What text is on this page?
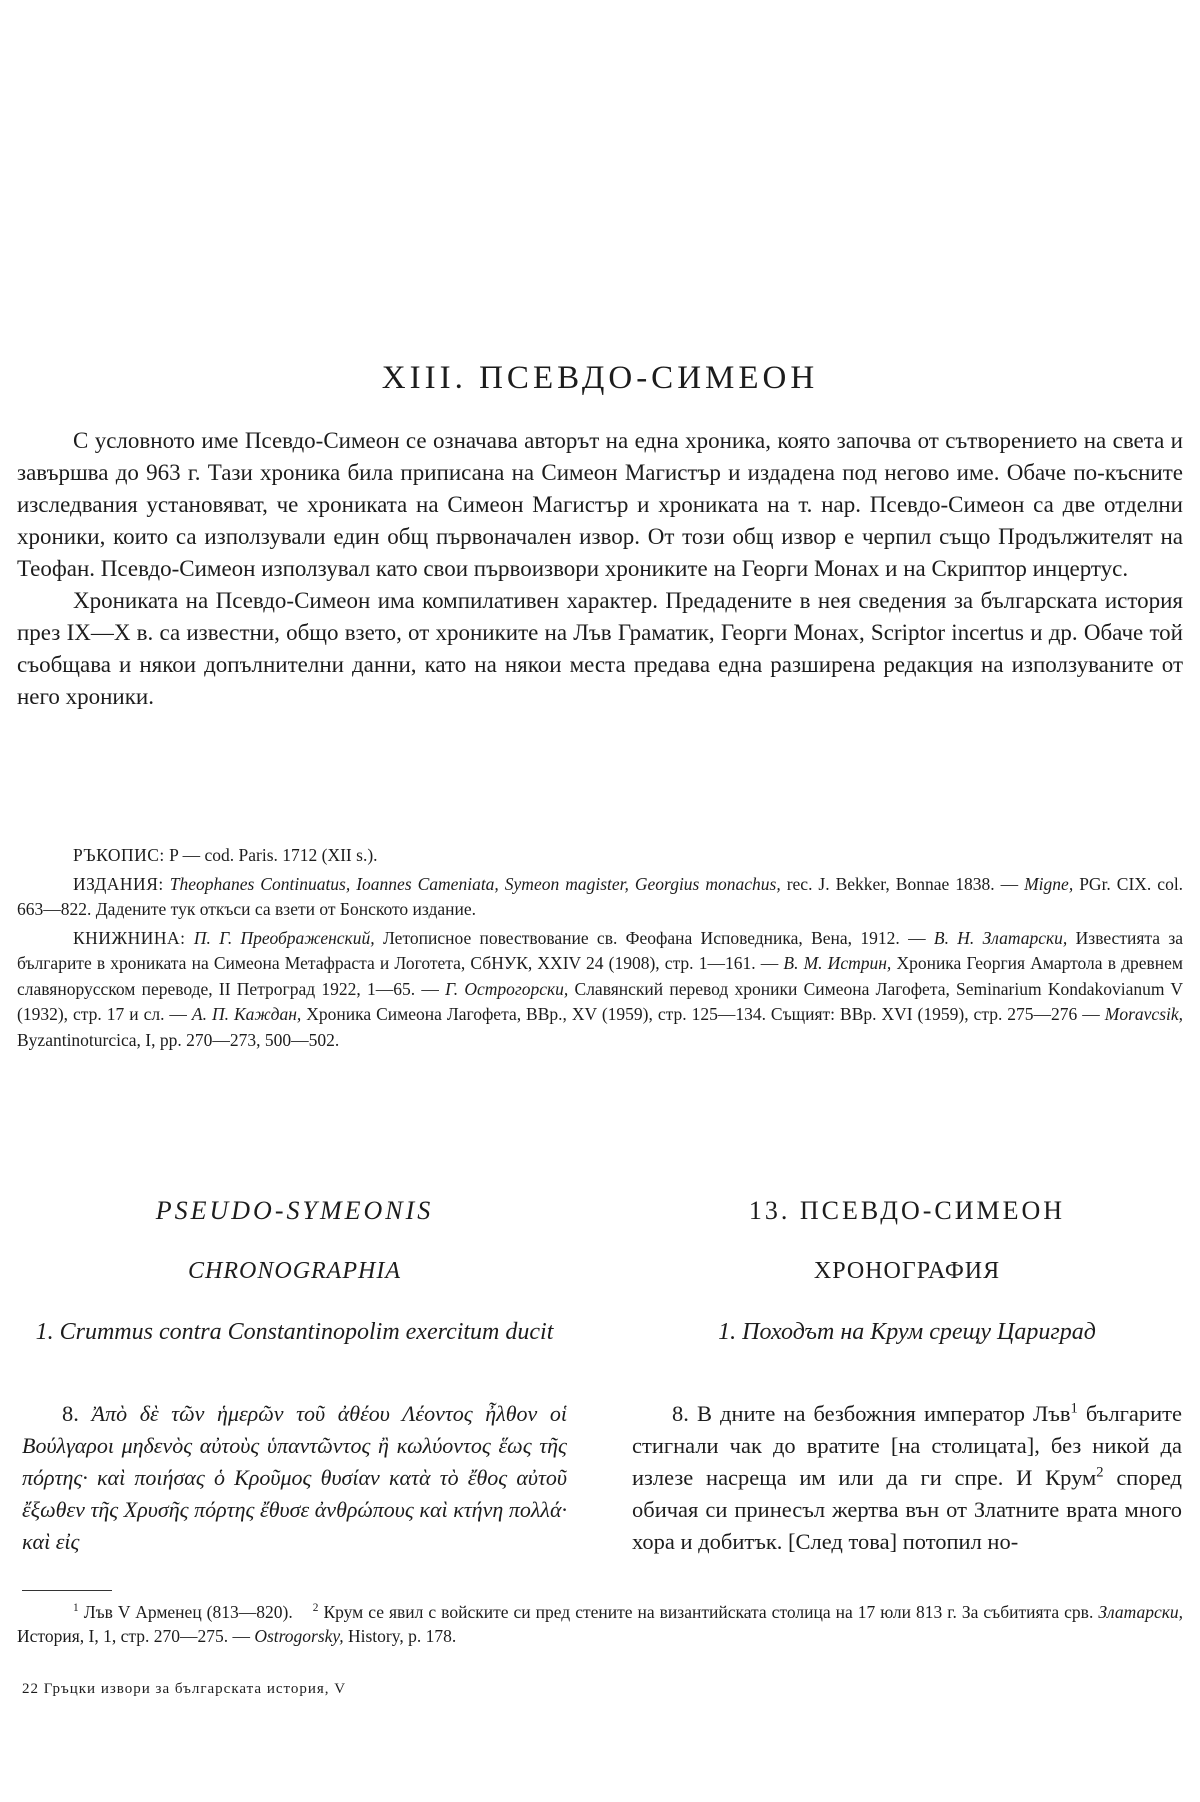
XIII. ПСЕВДО-СИМЕОН

С условното име Псевдо-Симеон се означава авторът на една хроника, която започва от сътворението на света и завършва до 963 г. Тази хроника била приписана на Симеон Магистър и издадена под негово име. Обаче по-късните изследвания установяват, че хрониката на Симеон Магистър и хрониката на т. нар. Псевдо-Симеон са две отделни хроники, които са използували един общ първоначален извор. От този общ извор е черпил също Продължителят на Теофан. Псевдо-Симеон използувал като свои първоизвори хрониките на Георги Монах и на Скриптор инцертус.

Хрониката на Псевдо-Симеон има компилативен характер. Предадените в нея сведения за българската история през IX—X в. са известни, общо взето, от хрониките на Лъв Граматик, Георги Монах, Scriptor incertus и др. Обаче той съобщава и някои допълнителни данни, като на някои места предава една разширена редакция на използуваните от него хроники.

РЪКОПИС: P — cod. Paris. 1712 (XII s.).

ИЗДАНИЯ: Theophanes Continuatus, Ioannes Cameniata, Symeon magister, Georgius monachus, rec. J. Bekker, Bonnae 1838. — Migne, PGr. CIX. col. 663—822. Дадените тук откъси са взети от Бонското издание.

КНИЖНИНА: П. Г. Преображенский, Летописное повествование св. Феофана Исповедника, Вена, 1912. — В. Н. Златарски, Известията за българите в хрониката на Симеона Метафраста и Логотета, СбНУК, XXIV 24 (1908), стр. 1—161. — В. М. Истрин, Хроника Георгия Амартола в древнем славянорусском переводе, II Петроград 1922, 1—65. — Г. Острогорски, Славянский перевод хроники Симеона Лагофета, Seminarium Kondakovianum V (1932), стр. 17 и сл. — А. П. Каждан, Хроника Симеона Лагофета, ВВр., XV (1959), стр. 125—134. Същият: ВВр. XVI (1959), стр. 275—276 — Moravcsik, Byzantinoturcica, I, pp. 270—273, 500—502.

PSEUDO-SYMEONIS
CHRONOGRAPHIA
1. Crummus contra Constantinopolim exercitum ducit

8. Ἀπὸ δὲ τῶν ἡμερῶν τοῦ ἀθέου Λέοντος ἦλθον οἱ Βούλγαροι μηδενὸς αὐτοὺς ὑπαντῶντος ἢ κωλύοντος ἕως τῆς πόρτης· καὶ ποιήσας ὁ Κροῦμος θυσίαν κατὰ τὸ ἔθος αὐτοῦ ἔξωθεν τῆς Χρυσῆς πόρτης ἔθυσε ἀνθρώπους καὶ κτήνη πολλά· καὶ εἰς

13. ПСЕВДО-СИМЕОН
ХРОНОГРАФИЯ
1. Походът на Крум срещу Цариград

8. В дните на безбожния император Лъв$^1$ българите стигнали чак до вратите [на столицата], без никой да излезе насреща им или да ги спре. И Крум$^2$ според обичая си принесъл жертва вън от Златните врата много хора и добитък. [След това] потопил но-

$^1$ Лъв V Арменец (813—820). $^2$ Крум се явил с войските си пред стените на византийската столица на 17 юли 813 г. За събитията срв. Златарски, История, I, 1, стр. 270—275. — Ostrogorsky, History, p. 178.

22 Гръцки извори за българската история, V
